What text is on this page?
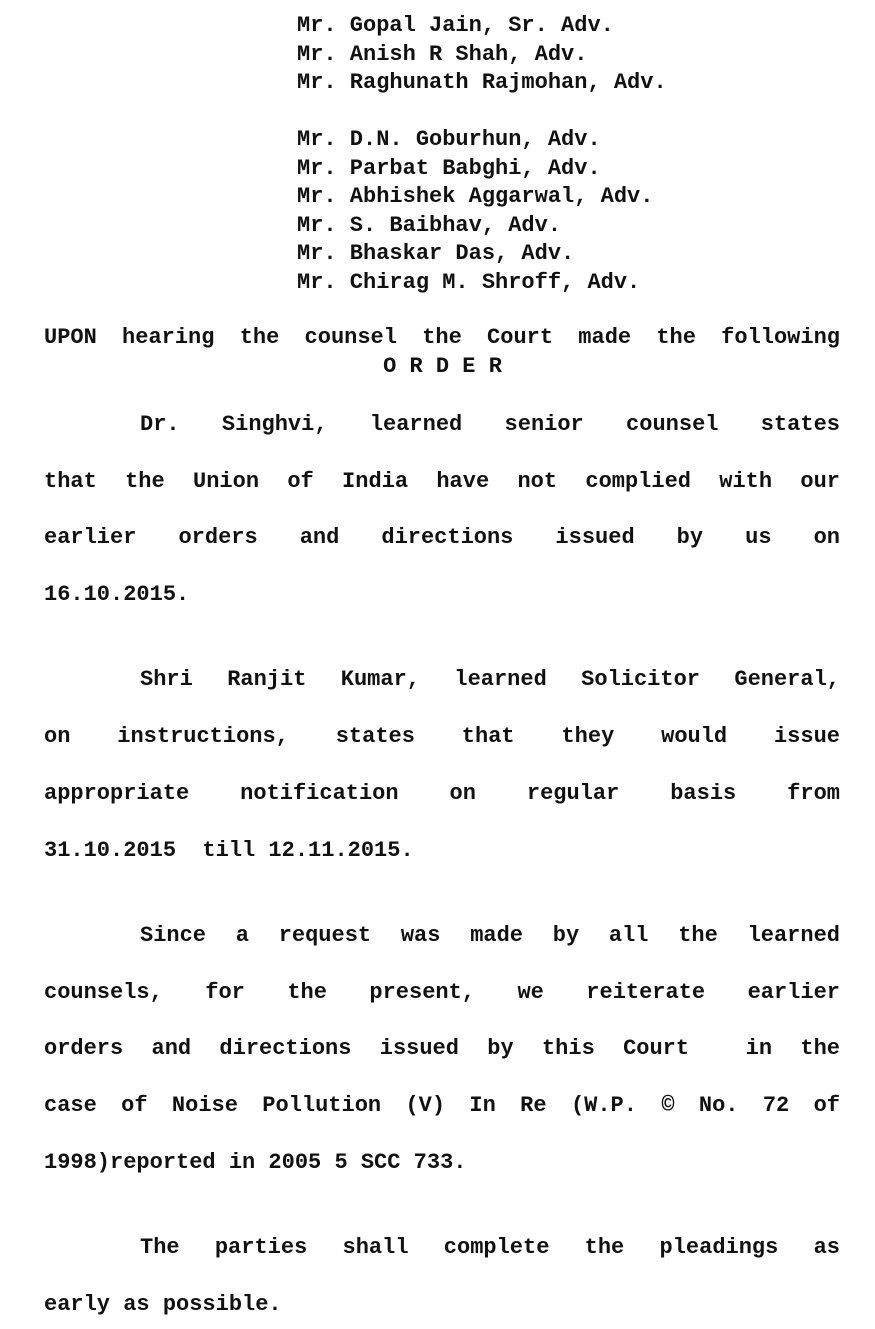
Mr. Gopal Jain, Sr. Adv.
Mr. Anish R Shah, Adv.
Mr. Raghunath Rajmohan, Adv.
Mr. D.N. Goburhun, Adv.
Mr. Parbat Babghi, Adv.
Mr. Abhishek Aggarwal, Adv.
Mr. S. Baibhav, Adv.
Mr. Bhaskar Das, Adv.
Mr. Chirag M. Shroff, Adv.
UPON hearing the counsel the Court made the following
O R D E R
Dr. Singhvi, learned senior counsel states
that the Union of India have not complied with our
earlier orders and directions issued by us on
16.10.2015.
Shri Ranjit Kumar, learned Solicitor General,
on instructions, states that they would issue
appropriate notification on regular basis from
31.10.2015  till 12.11.2015.
Since a request was made by all the learned
counsels, for the present, we reiterate earlier
orders and directions issued by this Court  in the
case of Noise Pollution (V) In Re (W.P. © No. 72 of
1998)reported in 2005 5 SCC 733.
The parties shall complete the pleadings as
early as possible.
